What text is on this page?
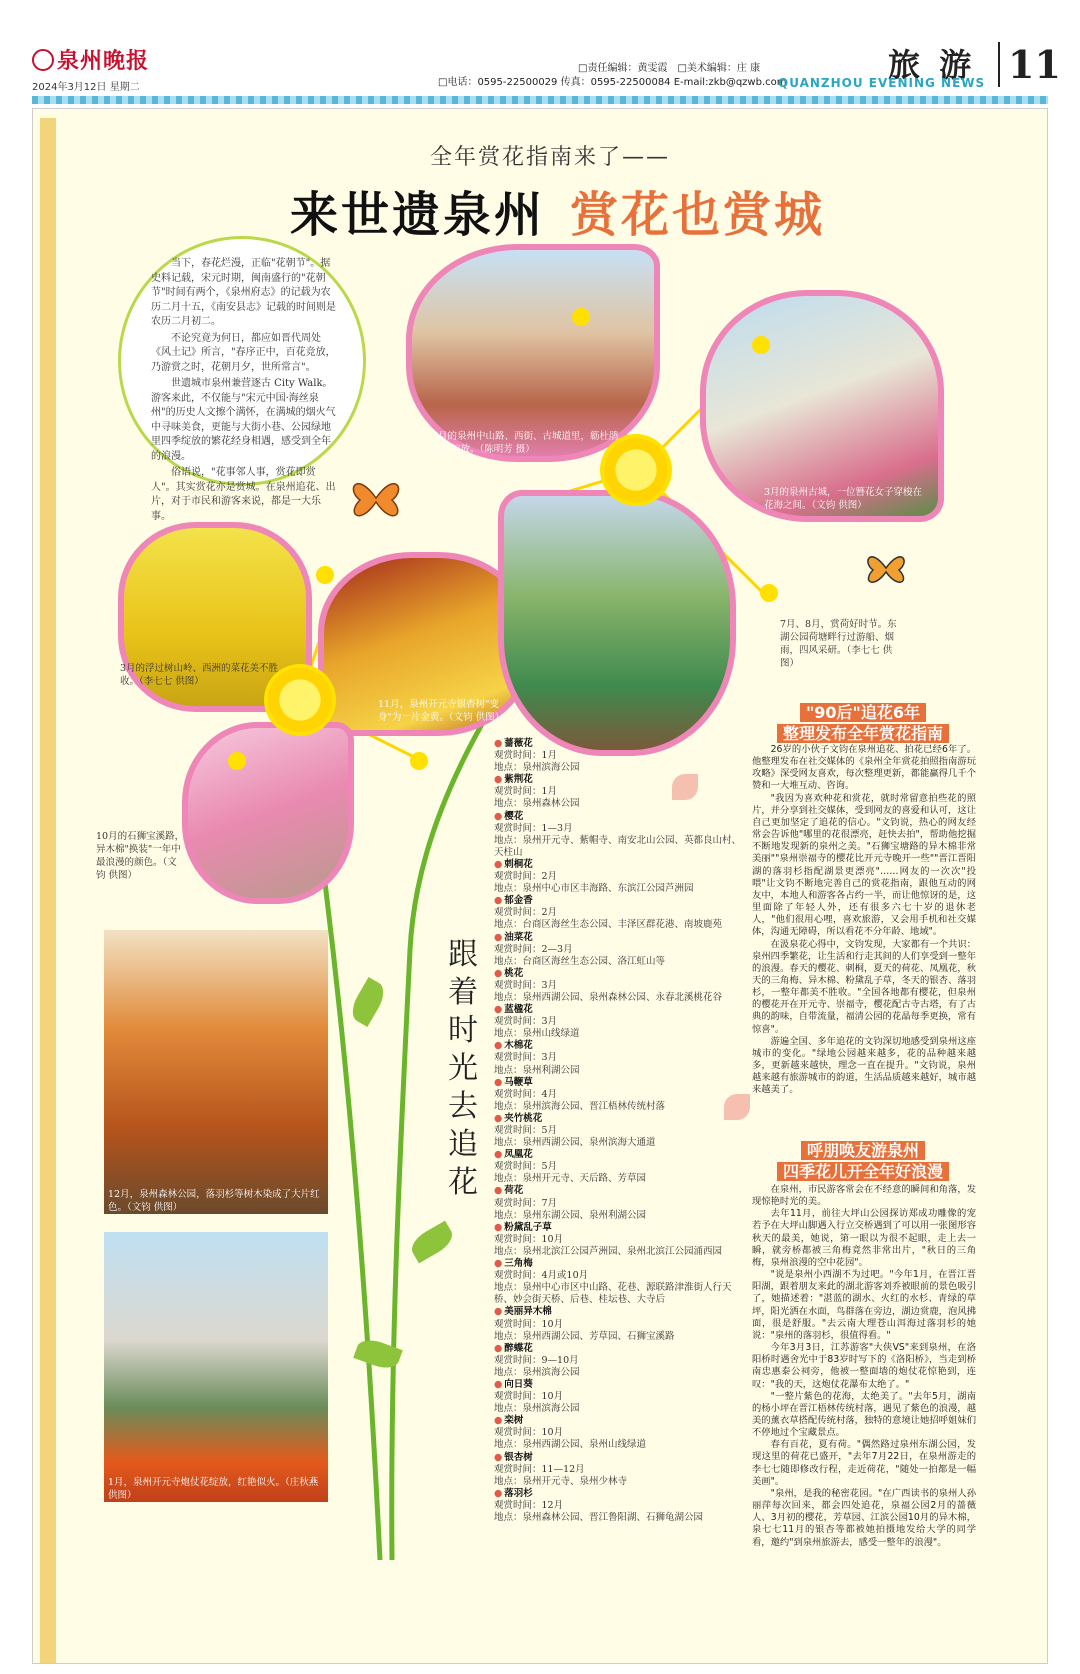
泉州晚报
2024年3月12日 星期二
□责任编辑：黄雯霞　□美术编辑：庄 康
□电话：0595-22500029 传真：0595-22500084 E-mail:zkb@qzwb.com	旅 游
QUANZHOU EVENING NEWS 11
全年赏花指南来了——
来世遗泉州 赏花也赏城

当下，春花烂漫，正临"花朝节"。据史料记载，宋元时期，闽南盛行的"花朝节"时间有两个，《泉州府志》的记载为农历二月十五，《南安县志》记载的时间则是农历二月初二。

不论究竟为何日，都应如晋代周处《风土记》所言，"春序正中，百花竞放，乃游赏之时，花朝月夕，世所常言"。

世遗城市泉州兼营逐古 City Walk。游客来此，不仅能与"宋元中国·海丝泉州"的历史人文擦个满怀，在满城的烟火气中寻味美食，更能与大街小巷、公园绿地里四季绽放的繁花经身相遇，感受到全年的浪漫。

俗语说，"花事邻人事，赏花即赏人"。其实赏花亦是赏城。在泉州追花、出片，对于市民和游客来说，都是一大乐事。

3月的泉州中山路、西街、古城道里，簕杜鹃热烈绽放。（陈明芳 摄）
3月的泉州古城，一位簪花女子穿梭在花海之间。（文钧 供图）
3月的浮过树山岭、西洲的菜花美不胜收。（李七七 供图）
11月，泉州开元寺银杏树"变身"为一片金黄。（文钧 供图）
7月、8月，赏荷好时节。东湖公园荷塘畔行过游船、烟雨，四风采研。（李七七 供图）
10月的石狮宝溪路，异木棉"换装"一年中最浪漫的颜色。（文钧 供图）
12月，泉州森林公园，落羽杉等树木染成了大片红色。（文钧 供图）
1月，泉州开元寺炮仗花绽放，红艳似火。（庄秋燕 供图）
跟着时光去追花
● 蔷薇花
观赏时间：1月
地点：泉州滨海公园
● 紫荆花
观赏时间：1月
地点：泉州森林公园
● 樱花
观赏时间：1—3月
地点：泉州开元寺、紫帽寺、南安北山公园、英都良山村、天柱山
● 刺桐花
观赏时间：2月
地点：泉州中心市区丰海路、东滨江公园芦洲园
● 郁金香
观赏时间：2月
地点：台商区海丝生态公园、丰泽区群花港、南坡鹿苑
● 油菜花
观赏时间：2—3月
地点：台商区海丝生态公园、洛江虹山等
● 桃花
观赏时间：3月
地点：泉州西湖公园、泉州森林公园、永春北溪桃花谷
● 蓝楹花
观赏时间：3月
地点：泉州山线绿道
● 木棉花
观赏时间：3月
地点：泉州利湖公园
● 马鞭草
观赏时间：4月
地点：泉州滨海公园、晋江梧林传统村落
● 夹竹桃花
观赏时间：5月
地点：泉州西湖公园、泉州滨海大通道
● 凤凰花
观赏时间：5月
地点：泉州开元寺、天后路、芳草园
● 荷花
观赏时间：7月
地点：泉州东湖公园、泉州利湖公园
● 粉黛乱子草
观赏时间：10月
地点：泉州北滨江公园芦洲园、泉州北滨江公园涌西园
● 三角梅
观赏时间：4月或10月
地点：泉州中心市区中山路、花巷、源联路津淮街人行天桥、妙会街天桥、后巷、桂坛巷、大寺后
● 美丽异木棉
观赏时间：10月
地点：泉州西湖公园、芳草园、石狮宝溪路
● 醉蝶花
观赏时间：9—10月
地点：泉州滨海公园
● 向日葵
观赏时间：10月
地点：泉州滨海公园
● 栾树
观赏时间：10月
地点：泉州西湖公园、泉州山线绿道
● 银杏树
观赏时间：11—12月
地点：泉州开元寺、泉州少林寺
● 落羽杉
观赏时间：12月
地点：泉州森林公园、晋江鲁阳湖、石狮龟湖公园
"90后"追花6年
整理发布全年赏花指南

26岁的小伙子文钧在泉州追花、拍花已经6年了。他整理发布在社交媒体的《泉州全年赏花拍照指南游玩攻略》深受网友喜欢，每次整理更新，都能赢得几千个赞和一大堆互动、咨询。

"我因为喜欢种花和赏花，就时常留意拍些花的照片，并分享到社交媒体，受到网友的喜爱和认可，这让自己更加坚定了追花的信心。"文钧说，热心的网友经常会告诉他"哪里的花很漂亮，赶快去拍"，帮助他挖掘不断地发现新的泉州之美。"石狮宝塘路的异木棉非常美丽""泉州崇福寺的樱花比开元寺晚开一些""晋江晋阳湖的落羽杉指配湖景更漂亮"……网友的一次次"投喂"让文钧不断地完善自己的赏花指南，跟他互动的网友中，本地人和游客各占约一半，而让他惊讶的是，这里面除了年轻人外，还有很多六七十岁的退休老人，"他们很用心哩，喜欢旅游，又会用手机和社交媒体，沟通无障碍，所以看花不分年龄、地域"。

在汲泉花心得中，文钧发现，大家都有一个共识：泉州四季繁花，让生活和行走其间的人们享受到一整年的浪漫。春天的樱花、刺桐，夏天的荷花、凤凰花，秋天的三角梅、异木棉、粉黛乱子草，冬天的银杏、落羽杉，一整年都美不胜收。"全国各地都有樱花，但泉州的樱花开在开元寺、崇福寺，樱花配古寺古塔，有了古典的韵味，自带流量，福清公园的花晶每季更换，常有惊喜"。

游遍全国、多年追花的文钧深切地感受到泉州这座城市的变化。"绿地公园越来越多，花的品种越来越多，更新越来越快，理念一直在提升。"文钧说，泉州越来越有旅游城市的韵道，生活品质越来越好，城市越来越美了。

呼朋唤友游泉州
四季花儿开全年好浪漫

在泉州，市民游客常会在不经意的瞬间和角落，发现惊艳时光的美。

去年11月，前往大坪山公园探访郑成功雕像的宠若予在大坪山脚遇入行立交桥遇到了可以用一张图形容秋天的最美，她说，第一眼以为很不起眼，走上去一瞬，就旁桥都被三角梅竟然非常出片，"秋日的三角梅，泉州浪漫的空中花园"。

"说是泉州小西湖不为过吧。"今年1月，在晋江晋阳湖，跟着朋友来此的湖北游客刘乔被眼前的景色吸引了，她描述着："湛蓝的湖水、火红的水杉、青绿的草坪，阳光洒在水面，鸟群落在旁边，湖边赏鹿，泡风拂面，很是舒服。"去云南大理苍山洱海过落羽杉的她说："泉州的落羽杉，很值得看。"

今年3月3日，江苏游客"大侠VS"来到泉州，在洛阳桥时遇舍光中于83岁时写下的《洛阳桥》，当走到桥南忠惠泰公祠旁，他被一整面墙的炮仗花惊艳到，连叹："我的天，这炮仗花瀑布太绝了。"

"一整片紫色的花海，太绝美了。"去年5月，湖南的杨小坪在晋江梧林传统村落，遇见了紫色的浪漫，越美的薰衣草搭配传统村落，独特的意境让她招呼姐妹们不停地过个宝藏景点。

春有百花，夏有荷。"偶然路过泉州东湖公园，发现这里的荷花已盛开，"去年7月22日，在泉州游走的李七七随即修改行程，走近荷花，"随处一拍都是一幅美画"。

"泉州，是我的秘密花园。"在广西读书的泉州人孙丽萍每次回来，都会四处追花，泉福公园2月的蔷薇人、3月初的樱花，芳草园、江滨公园10月的异木棉，泉七七11月的银杏等都被她拍摄地发给大学的同学看，邀约"到泉州旅游去，感受一整年的浪漫"。
